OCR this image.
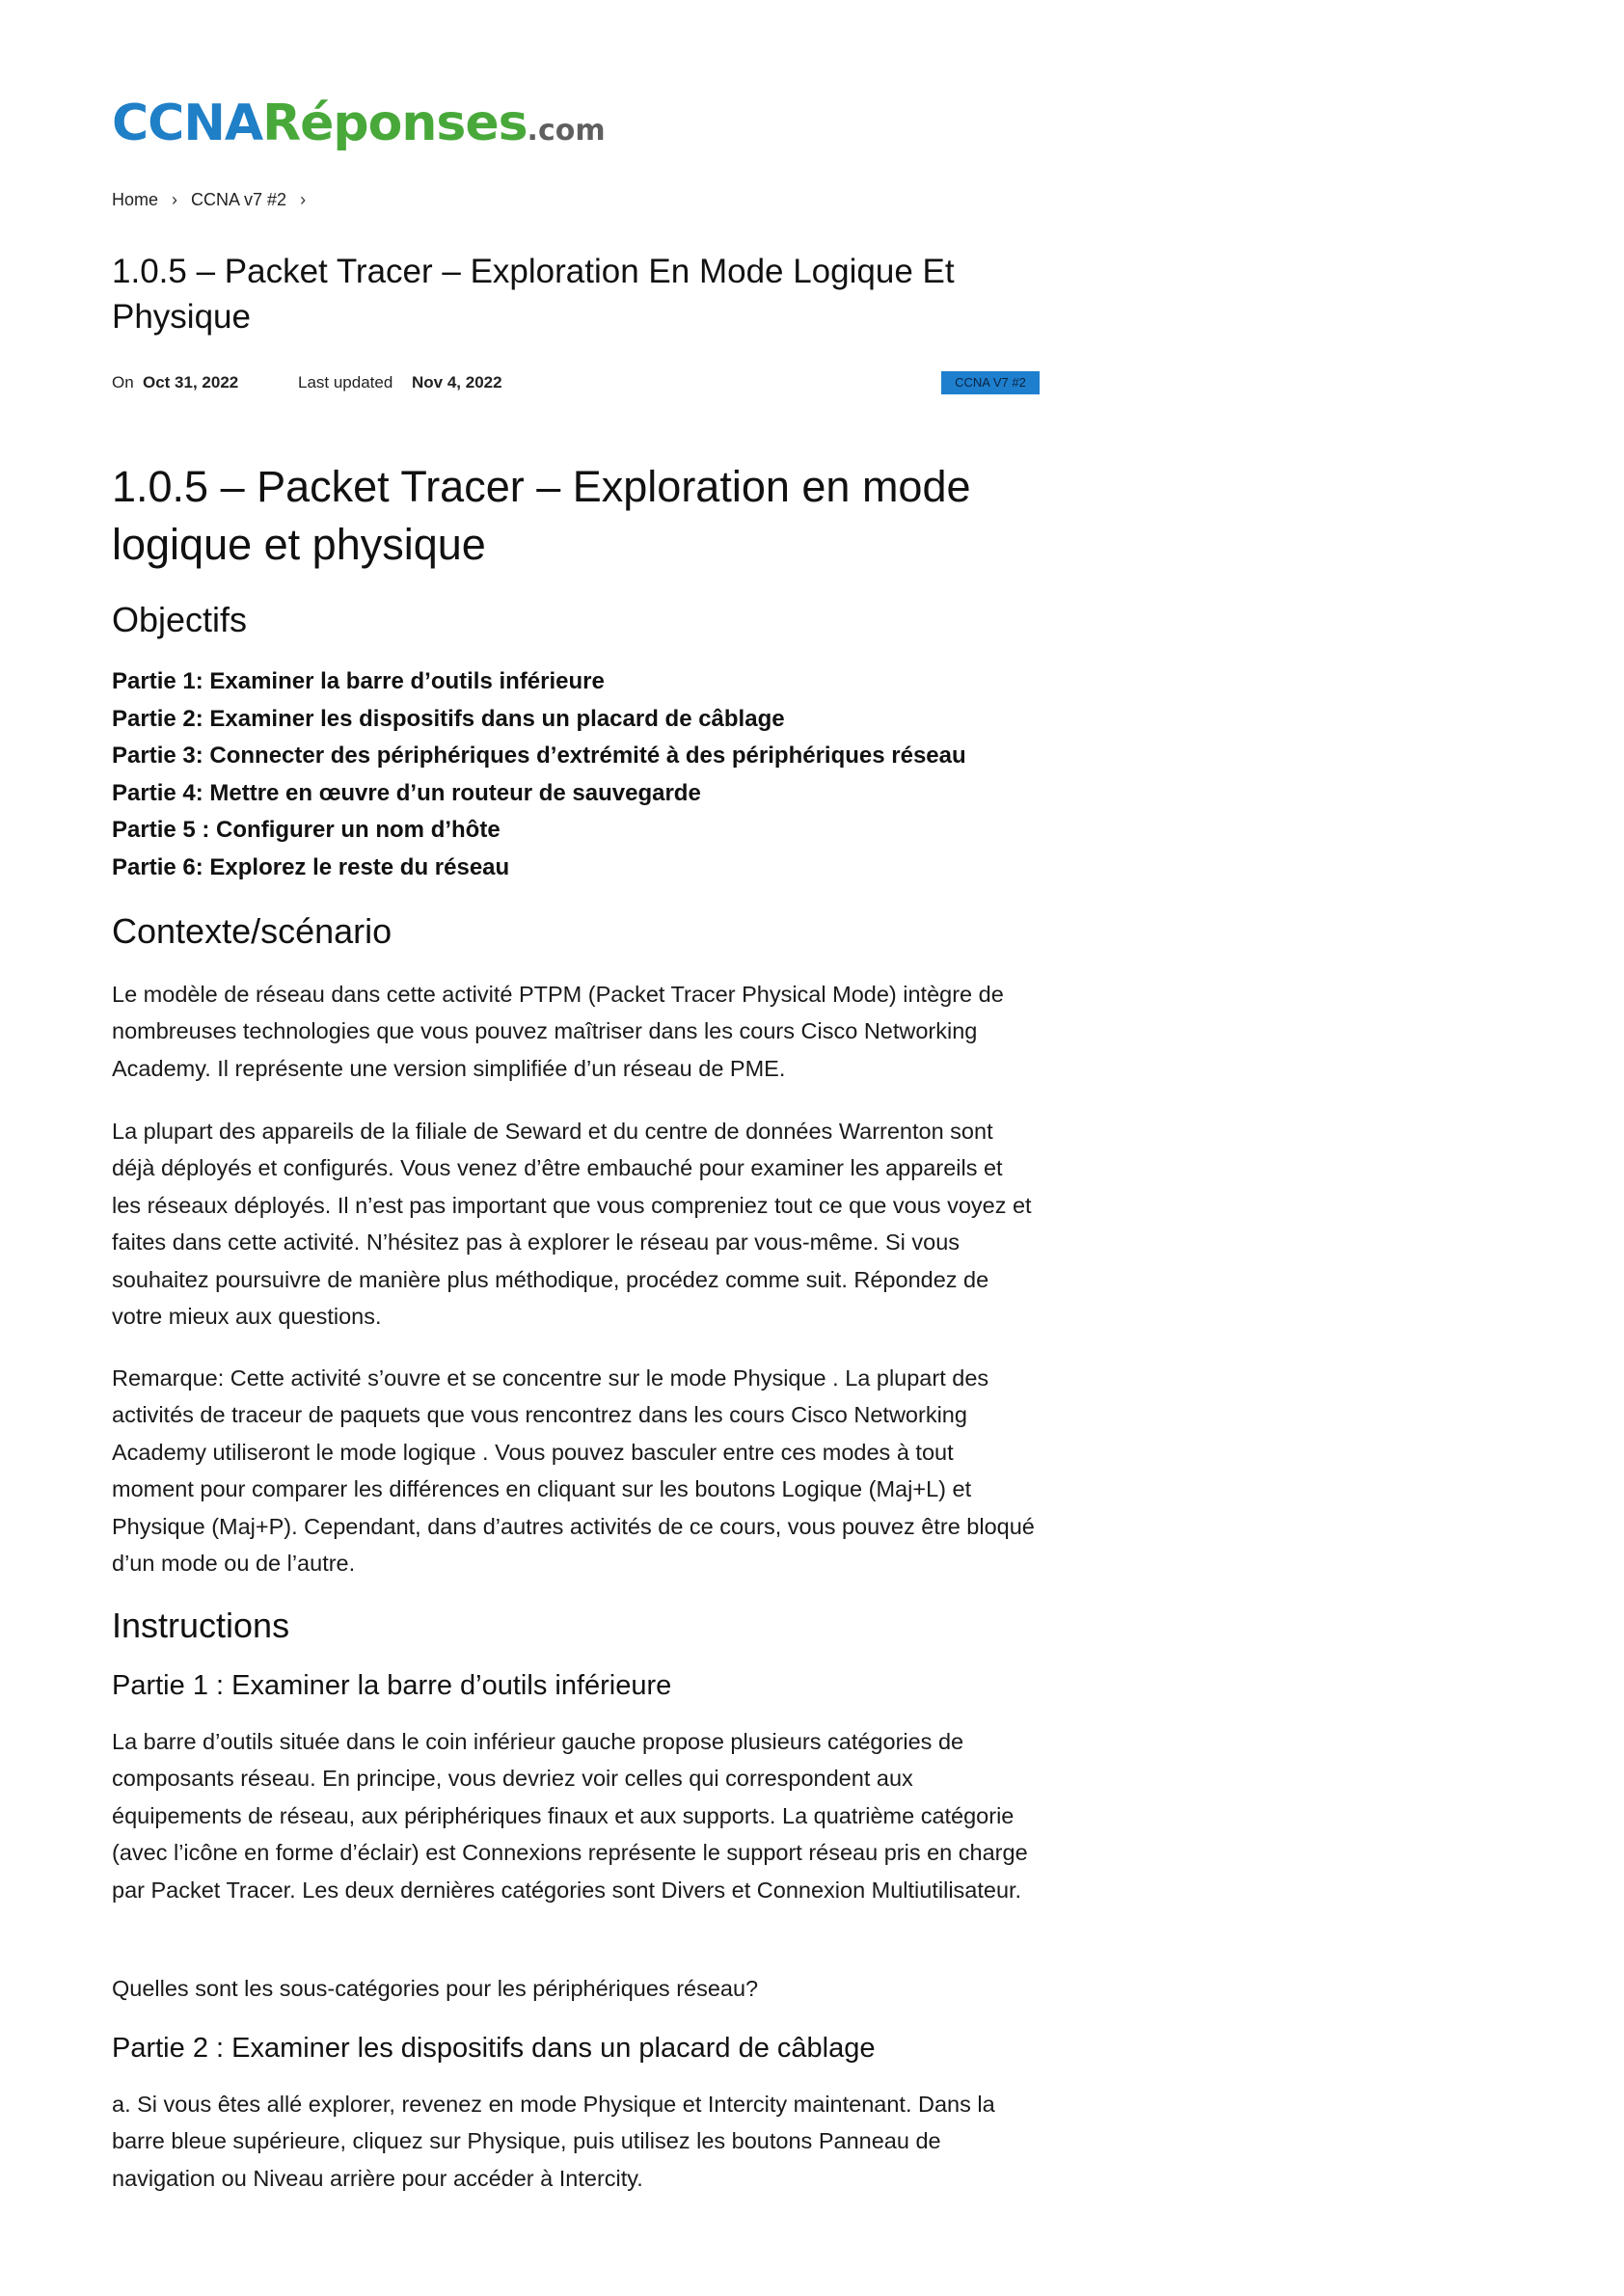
CCNARéponses.com
Home › CCNA v7 #2 ›
1.0.5 – Packet Tracer – Exploration En Mode Logique Et Physique
On Oct 31, 2022	Last updated Nov 4, 2022	CCNA V7 #2
1.0.5 – Packet Tracer – Exploration en mode logique et physique
Objectifs
Partie 1: Examiner la barre d’outils inférieure
Partie 2: Examiner les dispositifs dans un placard de câblage
Partie 3: Connecter des périphériques d’extrémité à des périphériques réseau
Partie 4: Mettre en œuvre d’un routeur de sauvegarde
Partie 5 : Configurer un nom d’hôte
Partie 6: Explorez le reste du réseau
Contexte/scénario

Le modèle de réseau dans cette activité PTPM (Packet Tracer Physical Mode) intègre de nombreuses technologies que vous pouvez maîtriser dans les cours Cisco Networking Academy. Il représente une version simplifiée d’un réseau de PME.

La plupart des appareils de la filiale de Seward et du centre de données Warrenton sont déjà déployés et configurés. Vous venez d’être embauché pour examiner les appareils et les réseaux déployés. Il n’est pas important que vous compreniez tout ce que vous voyez et faites dans cette activité. N’hésitez pas à explorer le réseau par vous-même. Si vous souhaitez poursuivre de manière plus méthodique, procédez comme suit. Répondez de votre mieux aux questions.

Remarque: Cette activité s’ouvre et se concentre sur le mode Physique . La plupart des activités de traceur de paquets que vous rencontrez dans les cours Cisco Networking Academy utiliseront le mode logique . Vous pouvez basculer entre ces modes à tout moment pour comparer les différences en cliquant sur les boutons Logique (Maj+L) et Physique (Maj+P). Cependant, dans d’autres activités de ce cours, vous pouvez être bloqué d’un mode ou de l’autre.

Instructions
Partie 1 : Examiner la barre d’outils inférieure

La barre d’outils située dans le coin inférieur gauche propose plusieurs catégories de composants réseau. En principe, vous devriez voir celles qui correspondent aux équipements de réseau, aux périphériques finaux et aux supports. La quatrième catégorie (avec l’icône en forme d’éclair) est Connexions représente le support réseau pris en charge par Packet Tracer. Les deux dernières catégories sont Divers et Connexion Multiutilisateur.

Quelles sont les sous-catégories pour les périphériques réseau?

Partie 2 : Examiner les dispositifs dans un placard de câblage

a. Si vous êtes allé explorer, revenez en mode Physique et Intercity maintenant. Dans la barre bleue supérieure, cliquez sur Physique, puis utilisez les boutons Panneau de navigation ou Niveau arrière pour accéder à Intercity.
